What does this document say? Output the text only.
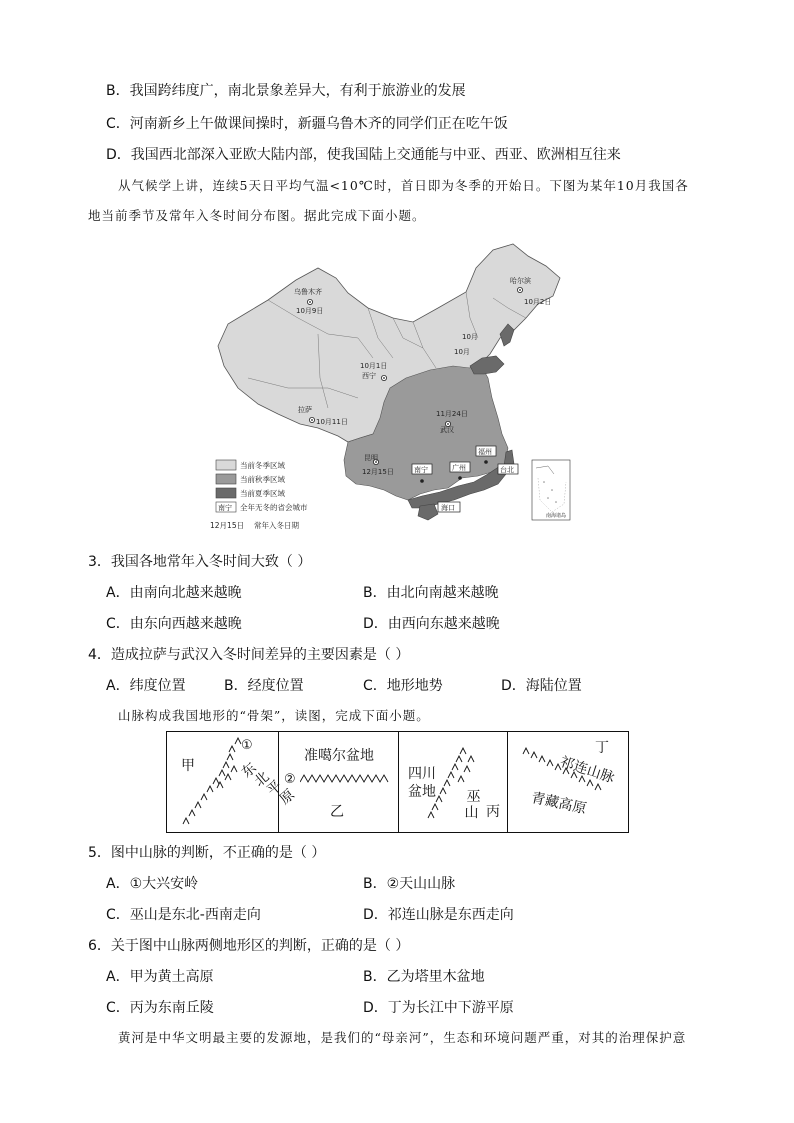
B．我国跨纬度广，南北景象差异大，有利于旅游业的发展
C．河南新乡上午做课间操时，新疆乌鲁木齐的同学们正在吃午饭
D．我国西北部深入亚欧大陆内部，使我国陆上交通能与中亚、西亚、欧洲相互往来
从气候学上讲，连续5天日平均气温<10℃时，首日即为冬季的开始日。下图为某年10月我国各
地当前季节及常年入冬时间分布图。据此完成下面小题。
乌鲁木齐
10月9日
哈尔滨
10月2日
10月1日
西宁
拉萨
10月11日
10月
10月
11月24日
武汉
昆明
12月15日	南宁	广州
福州
台北
海口
南海诸岛
当前冬季区域
当前秋季区域
当前夏季区域
南宁 全年无冬的省会城市
12月15日 常年入冬日期
3．我国各地常年入冬时间大致（ ）
A．由南向北越来越晚	B．由北向南越来越晚
C．由东向西越来越晚	D．由西向东越来越晚
4．造成拉萨与武汉入冬时间差异的主要因素是（ ）
A．纬度位置	B．经度位置	C．地形地势	D．海陆位置
山脉构成我国地形的“骨架”，读图，完成下面小题。
甲
①
东
北
平
原
准噶尔盆地
②
乙
四川
盆地 巫
山 丙
丁
祁连山脉
青藏高原
5．图中山脉的判断，不正确的是（ ）
A．①大兴安岭	B．②天山山脉
C．巫山是东北-西南走向	D．祁连山脉是东西走向
6．关于图中山脉两侧地形区的判断，正确的是（ ）
A．甲为黄土高原	B．乙为塔里木盆地
C．丙为东南丘陵	D．丁为长江中下游平原
黄河是中华文明最主要的发源地，是我们的“母亲河”，生态和环境问题严重，对其的治理保护意
